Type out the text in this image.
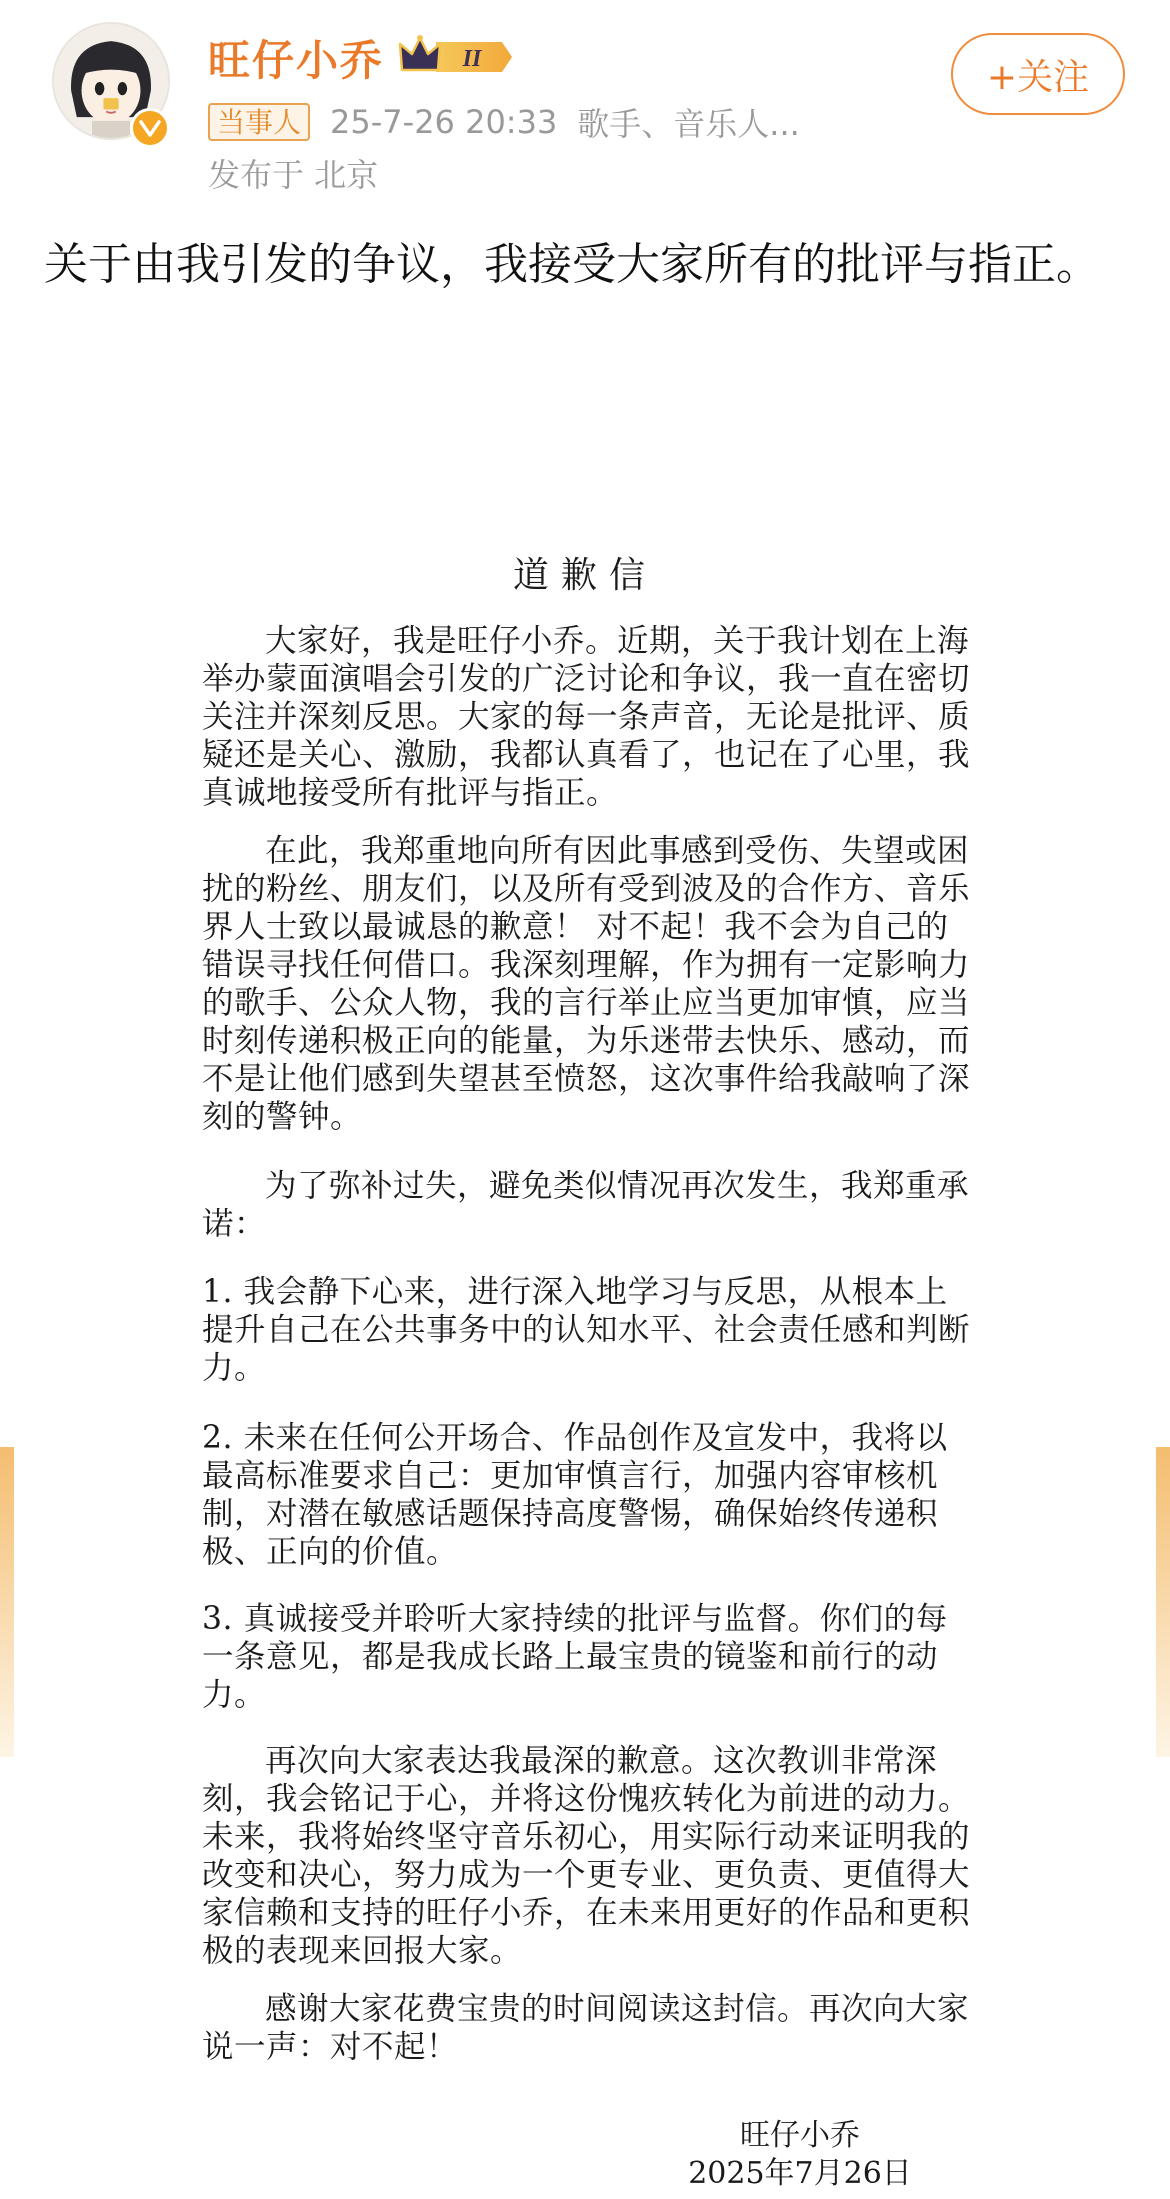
旺仔小乔	II	+关注
当事人 25-7-26 20:33 歌手、音乐人...
发布于 北京
关于由我引发的争议，我接受大家所有的批评与指正。
道歉信

大家好，我是旺仔小乔。近期，关于我计划在上海举办蒙面演唱会引发的广泛讨论和争议，我一直在密切关注并深刻反思。大家的每一条声音，无论是批评、质疑还是关心、激励，我都认真看了，也记在了心里，我真诚地接受所有批评与指正。

在此，我郑重地向所有因此事感到受伤、失望或困扰的粉丝、朋友们，以及所有受到波及的合作方、音乐界人士致以最诚恳的歉意！ 对不起！我不会为自己的错误寻找任何借口。我深刻理解，作为拥有一定影响力的歌手、公众人物，我的言行举止应当更加审慎，应当时刻传递积极正向的能量，为乐迷带去快乐、感动，而不是让他们感到失望甚至愤怒，这次事件给我敲响了深刻的警钟。

为了弥补过失，避免类似情况再次发生，我郑重承诺：

1. 我会静下心来，进行深入地学习与反思，从根本上提升自己在公共事务中的认知水平、社会责任感和判断力。

2. 未来在任何公开场合、作品创作及宣发中，我将以最高标准要求自己：更加审慎言行，加强内容审核机制，对潜在敏感话题保持高度警惕，确保始终传递积极、正向的价值。

3. 真诚接受并聆听大家持续的批评与监督。你们的每一条意见，都是我成长路上最宝贵的镜鉴和前行的动力。

再次向大家表达我最深的歉意。这次教训非常深刻，我会铭记于心，并将这份愧疚转化为前进的动力。未来，我将始终坚守音乐初心，用实际行动来证明我的改变和决心，努力成为一个更专业、更负责、更值得大家信赖和支持的旺仔小乔，在未来用更好的作品和更积极的表现来回报大家。

感谢大家花费宝贵的时间阅读这封信。再次向大家说一声：对不起！

旺仔小乔
2025年7月26日
